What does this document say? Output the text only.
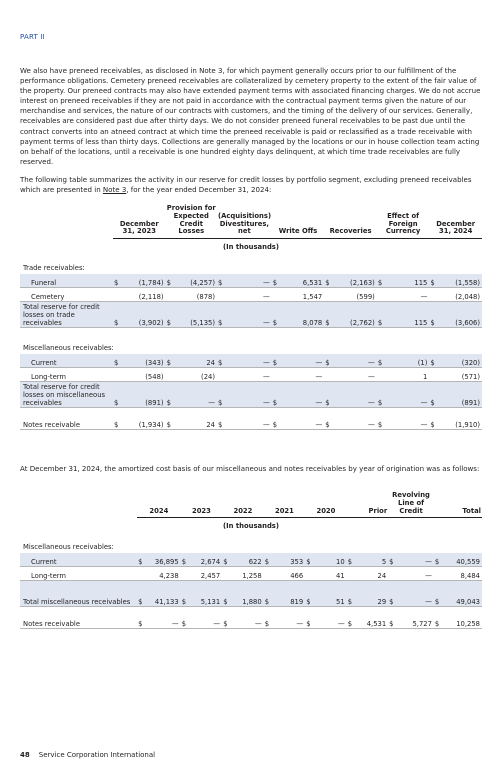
PART II

We also have preneed receivables, as disclosed in Note 3, for which payment generally occurs prior to our fulfillment of the performance obligations. Cemetery preneed receivables are collateralized by cemetery property to the extent of the fair value of the property. Our preneed contracts may also have extended payment terms with associated financing charges. We do not accrue interest on preneed receivables if they are not paid in accordance with the contractual payment terms given the nature of our merchandise and services, the nature of our contracts with customers, and the timing of the delivery of our services. Generally, receivables are considered past due after thirty days. We do not consider preneed funeral receivables to be past due until the contract converts into an atneed contract at which time the preneed receivable is paid or reclassified as a trade receivable with payment terms of less than thirty days. Collections are generally managed by the locations or our in house collection team acting on behalf of the locations, until a receivable is one hundred eighty days delinquent, at which time trade receivables are fully reserved.

The following table summarizes the activity in our reserve for credit losses by portfolio segment, excluding preneed receivables which are presented in Note 3, for the year ended December 31, 2024:

	December 31, 2023		Provision for Expected Credit Losses		(Acquisitions) Divestitures, net		Write Offs		Recoveries		Effect of Foreign Currency		December 31, 2024	
(In thousands)														
Trade receivables:														
Funeral	$	(1,784)	$	(4,257)	$	—	$	6,531	$	(2,163)	$	115	$	(1,558)
Cemetery		(2,118)		(878)		—		1,547		(599)		—		(2,048)
Total reserve for credit losses on trade receivables	$	(3,902)	$	(5,135)	$	—	$	8,078	$	(2,762)	$	115	$	(3,606)
Miscellaneous receivables:														
Current	$	(343)	$	24	$	—	$	—	$	—	$	(1)	$	(320)
Long-term		(548)		(24)		—		—		—		1		(571)
Total reserve for credit losses on miscellaneous receivables	$	(891)	$	—	$	—	$	—	$	—	$	—	$	(891)

Notes receivable	$	(1,934)	$	24	$	—	$	—	$	—	$	—	$	(1,910)

At December 31, 2024, the amortized cost basis of our miscellaneous and notes receivables by year of origination was as follows:

	2024		2023		2022		2021		2020		Prior		Revolving Line of Credit		Total	
(In thousands)																
Miscellaneous receivables:																
Current	$	36,895	$	2,674	$	622	$	353	$	10	$	5	$	—	$	40,559
Long-term		4,238		2,457		1,258		466		41		24		—		8,484
Total miscellaneous receivables	$	41,133	$	5,131	$	1,880	$	819	$	51	$	29	$	—	$	49,043

Notes receivable	$	—	$	—	$	—	$	—	$	—	$	4,531	$	5,727	$	10,258
48 Service Corporation International
